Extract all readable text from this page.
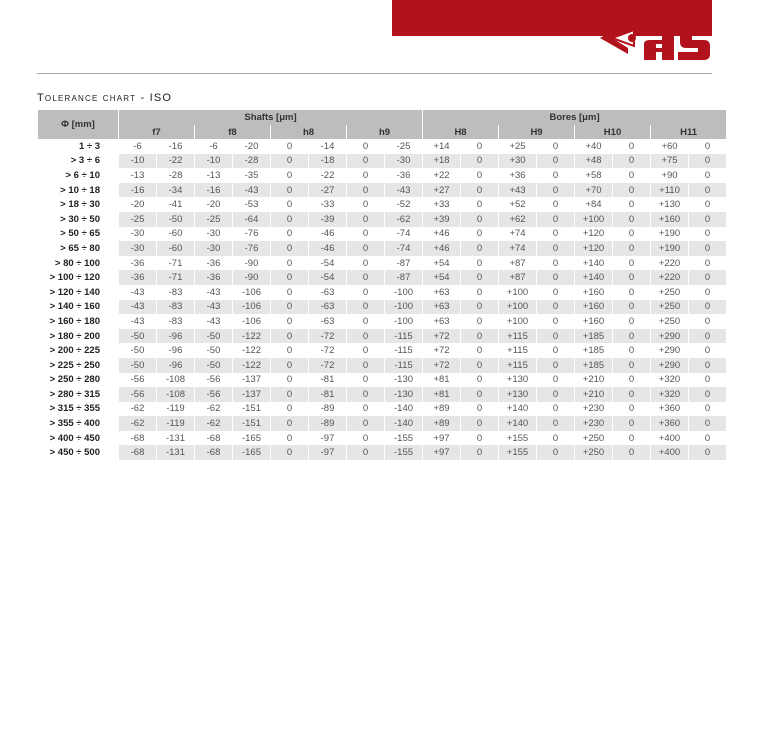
Tolerance chart - ISO
Φ [mm]	Shafts [μm]								Bores [μm]							
	f7		f8		h8		h9		H8		H9		H10		H11	
1 ÷ 3	-6	-16	-6	-20	0	-14	0	-25	+14	0	+25	0	+40	0	+60	0
> 3 ÷ 6	-10	-22	-10	-28	0	-18	0	-30	+18	0	+30	0	+48	0	+75	0
> 6 ÷ 10	-13	-28	-13	-35	0	-22	0	-36	+22	0	+36	0	+58	0	+90	0
> 10 ÷ 18	-16	-34	-16	-43	0	-27	0	-43	+27	0	+43	0	+70	0	+110	0
> 18 ÷ 30	-20	-41	-20	-53	0	-33	0	-52	+33	0	+52	0	+84	0	+130	0
> 30 ÷ 50	-25	-50	-25	-64	0	-39	0	-62	+39	0	+62	0	+100	0	+160	0
> 50 ÷ 65	-30	-60	-30	-76	0	-46	0	-74	+46	0	+74	0	+120	0	+190	0
> 65 ÷ 80	-30	-60	-30	-76	0	-46	0	-74	+46	0	+74	0	+120	0	+190	0
> 80 ÷ 100	-36	-71	-36	-90	0	-54	0	-87	+54	0	+87	0	+140	0	+220	0
> 100 ÷ 120	-36	-71	-36	-90	0	-54	0	-87	+54	0	+87	0	+140	0	+220	0
> 120 ÷ 140	-43	-83	-43	-106	0	-63	0	-100	+63	0	+100	0	+160	0	+250	0
> 140 ÷ 160	-43	-83	-43	-106	0	-63	0	-100	+63	0	+100	0	+160	0	+250	0
> 160 ÷ 180	-43	-83	-43	-106	0	-63	0	-100	+63	0	+100	0	+160	0	+250	0
> 180 ÷ 200	-50	-96	-50	-122	0	-72	0	-115	+72	0	+115	0	+185	0	+290	0
> 200 ÷ 225	-50	-96	-50	-122	0	-72	0	-115	+72	0	+115	0	+185	0	+290	0
> 225 ÷ 250	-50	-96	-50	-122	0	-72	0	-115	+72	0	+115	0	+185	0	+290	0
> 250 ÷ 280	-56	-108	-56	-137	0	-81	0	-130	+81	0	+130	0	+210	0	+320	0
> 280 ÷ 315	-56	-108	-56	-137	0	-81	0	-130	+81	0	+130	0	+210	0	+320	0
> 315 ÷ 355	-62	-119	-62	-151	0	-89	0	-140	+89	0	+140	0	+230	0	+360	0
> 355 ÷ 400	-62	-119	-62	-151	0	-89	0	-140	+89	0	+140	0	+230	0	+360	0
> 400 ÷ 450	-68	-131	-68	-165	0	-97	0	-155	+97	0	+155	0	+250	0	+400	0
> 450 ÷ 500	-68	-131	-68	-165	0	-97	0	-155	+97	0	+155	0	+250	0	+400	0
